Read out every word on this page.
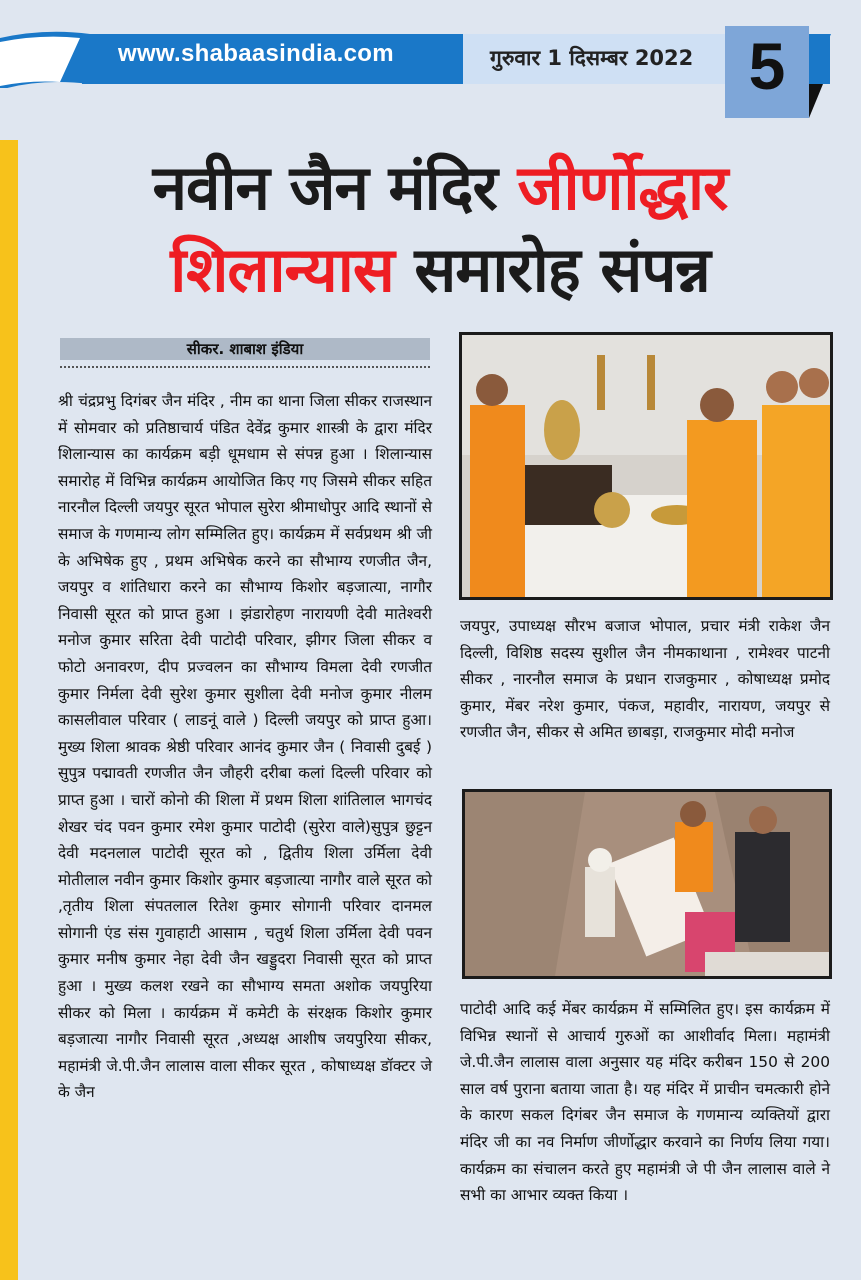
www.shabaasindia.com	गुरुवार 1 दिसम्बर 2022 5
नवीन जैन मंदिर जीर्णोद्धार
शिलान्यास समारोह संपन्न
सीकर. शाबाश इंडिया
श्री चंद्रप्रभु दिगंबर जैन मंदिर , नीम का थाना जिला सीकर राजस्थान में सोमवार को प्रतिष्ठाचार्य पंडित देवेंद्र कुमार शास्त्री के द्वारा मंदिर शिलान्यास का कार्यक्रम बड़ी धूमधाम से संपन्न हुआ । शिलान्यास समारोह में विभिन्न कार्यक्रम आयोजित किए गए जिसमे सीकर सहित नारनौल दिल्ली जयपुर सूरत भोपाल सुरेरा श्रीमाधोपुर आदि स्थानों से समाज के गणमान्य लोग सम्मिलित हुए। कार्यक्रम में सर्वप्रथम श्री जी के अभिषेक हुए , प्रथम अभिषेक करने का सौभाग्य रणजीत जैन, जयपुर व शांतिधारा करने का सौभाग्य किशोर बड़जात्या, नागौर निवासी सूरत को प्राप्त हुआ । झंडारोहण नारायणी देवी मातेश्वरी मनोज कुमार सरिता देवी पाटोदी परिवार, झीगर जिला सीकर व फोटो अनावरण, दीप प्रज्वलन का सौभाग्य विमला देवी रणजीत कुमार निर्मला देवी सुरेश कुमार सुशीला देवी मनोज कुमार नीलम कासलीवाल परिवार ( लाडनूं वाले ) दिल्ली जयपुर को प्राप्त हुआ। मुख्य शिला श्रावक श्रेष्ठी परिवार आनंद कुमार जैन ( निवासी दुबई ) सुपुत्र पद्मावती रणजीत जैन जौहरी दरीबा कलां दिल्ली परिवार को प्राप्त हुआ । चारों कोनो की शिला में प्रथम शिला शांतिलाल भागचंद शेखर चंद पवन कुमार रमेश कुमार पाटोदी (सुरेरा वाले)सुपुत्र छुट्टन देवी मदनलाल पाटोदी सूरत को , द्वितीय शिला उर्मिला देवी मोतीलाल नवीन कुमार किशोर कुमार बड़जात्या नागौर वाले सूरत को ,तृतीय शिला संपतलाल रितेश कुमार सोगानी परिवार दानमल सोगानी एंड संस गुवाहाटी आसाम , चतुर्थ शिला उर्मिला देवी पवन कुमार मनीष कुमार नेहा देवी जैन खड्डुदरा निवासी सूरत को प्राप्त हुआ । मुख्य कलश रखने का सौभाग्य समता अशोक जयपुरिया सीकर को मिला । कार्यक्रम में कमेटी के संरक्षक किशोर कुमार बड़जात्या नागौर निवासी सूरत ,अध्यक्ष आशीष जयपुरिया सीकर, महामंत्री जे.पी.जैन लालास वाला सीकर सूरत , कोषाध्यक्ष डॉक्टर जे के जैन
जयपुर, उपाध्यक्ष सौरभ बजाज भोपाल, प्रचार मंत्री राकेश जैन दिल्ली, विशिष्ठ सदस्य सुशील जैन नीमकाथाना , रामेश्वर पाटनी सीकर , नारनौल समाज के प्रधान राजकुमार , कोषाध्यक्ष प्रमोद कुमार, मेंबर नरेश कुमार, पंकज, महावीर, नारायण, जयपुर से रणजीत जैन, सीकर से अमित छाबड़ा, राजकुमार मोदी मनोज
पाटोदी आदि कई मेंबर कार्यक्रम में सम्मिलित हुए। इस कार्यक्रम में विभिन्न स्थानों से आचार्य गुरुओं का आशीर्वाद मिला। महामंत्री जे.पी.जैन लालास वाला अनुसार यह मंदिर करीबन 150 से 200 साल वर्ष पुराना बताया जाता है। यह मंदिर में प्राचीन चमत्कारी होने के कारण सकल दिगंबर जैन समाज के गणमान्य व्यक्तियों द्वारा मंदिर जी का नव निर्माण जीर्णोद्धार करवाने का निर्णय लिया गया। कार्यक्रम का संचालन करते हुए महामंत्री जे पी जैन लालास वाले ने सभी का आभार व्यक्त किया ।
